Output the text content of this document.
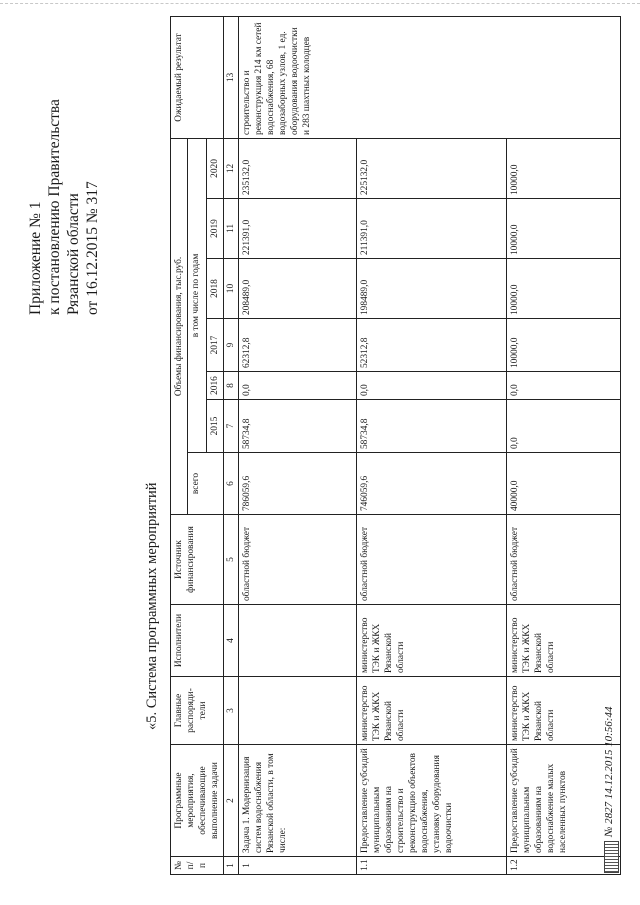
Приложение № 1 к постановлению Правительства Рязанской области от 16.12.2015 № 317
«5. Система программных мероприятий
№ п/п	Программные мероприятия, обеспечивающие выполнение задачи	Главные распоряди- тели	Исполнители	Источник финансирования	Объемы финансирования, тыс.руб.							Ожидаемый результат
					всего	в том числе по годам						
						2015	2016	2017	2018	2019	2020	
1	2	3	4	5	6	7	8	9	10	11	12	13
1	Задача 1. Модернизация систем водоснабжения Рязанской области, в том числе:			областной бюджет	786059,6	58734,8	0,0	62312,8	208489,0	221391,0	235132,0	строительство и реконструкция 214 км сетей водоснабжения, 68 водозаборных узлов, 1 ед. оборудования водоочистки и 283 шахтных колодцев
1.1	Предоставление субсидий муниципальным образованиям на строительство и реконструкцию объектов водоснабжения, установку оборудования водоочистки	министерство ТЭК и ЖКХ Рязанской области	министерство ТЭК и ЖКХ Рязанской области	областной бюджет	746059,6	58734,8	0,0	52312,8	198489,0	211391,0	225132,0	
1.2	Предоставление субсидий муниципальным образованиям на водоснабжение малых населенных пунктов	министерство ТЭК и ЖКХ Рязанской области	министерство ТЭК и ЖКХ Рязанской области	областной бюджет	40000,0	0,0	0,0	10000,0	10000,0	10000,0	10000,0	
№ 2827 14.12.2015 10:56:44
